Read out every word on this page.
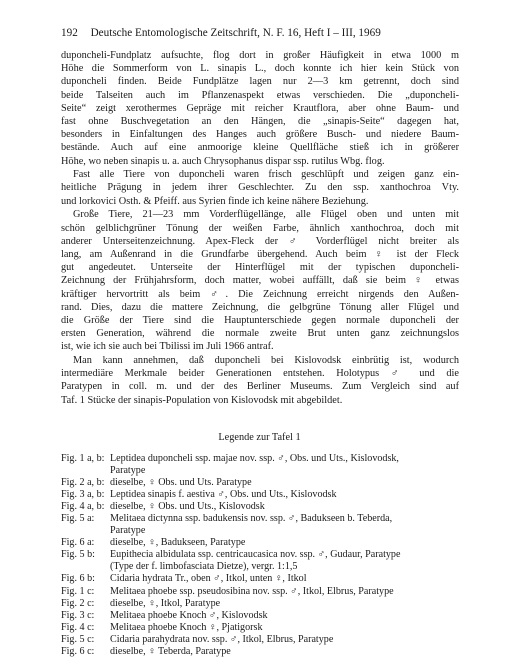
192 Deutsche Entomologische Zeitschrift, N. F. 16, Heft I – III, 1969
duponcheli-Fundplatz aufsuchte, flog dort in großer Häufigkeit in etwa 1000 m
Höhe die Sommerform von L. sinapis L., doch konnte ich hier kein Stück von
duponcheli finden. Beide Fundplätze lagen nur 2—3 km getrennt, doch sind
beide Talseiten auch im Pflanzenaspekt etwas verschieden. Die „duponcheli-
Seite“ zeigt xerothermes Gepräge mit reicher Krautflora, aber ohne Baum- und
fast ohne Buschvegetation an den Hängen, die „sinapis-Seite“ dagegen hat,
besonders in Einfaltungen des Hanges auch größere Busch- und niedere Baum-
bestände. Auch auf eine anmoorige kleine Quellfläche stieß ich in größerer
Höhe, wo neben sinapis u. a. auch Chrysophanus dispar ssp. rutilus Wbg. flog.
Fast alle Tiere von duponcheli waren frisch geschlüpft und zeigen ganz ein-
heitliche Prägung in jedem ihrer Geschlechter. Zu den ssp. xanthochroa Vty.
und lorkovici Osth. & Pfeiff. aus Syrien finde ich keine nähere Beziehung.
Große Tiere, 21—23 mm Vorderflügellänge, alle Flügel oben und unten mit
schön gelblichgrüner Tönung der weißen Farbe, ähnlich xanthochroa, doch mit
anderer Unterseitenzeichnung. Apex-Fleck der ♂ Vorderflügel nicht breiter als
lang, am Außenrand in die Grundfarbe übergehend. Auch beim ♀ ist der Fleck
gut angedeutet. Unterseite der Hinterflügel mit der typischen duponcheli-
Zeichnung der Frühjahrsform, doch matter, wobei auffällt, daß sie beim ♀ etwas
kräftiger hervortritt als beim ♂. Die Zeichnung erreicht nirgends den Außen-
rand. Dies, dazu die mattere Zeichnung, die gelbgrüne Tönung aller Flügel und
die Größe der Tiere sind die Hauptunterschiede gegen normale duponcheli der
ersten Generation, während die normale zweite Brut unten ganz zeichnungslos
ist, wie ich sie auch bei Tbilissi im Juli 1966 antraf.
Man kann annehmen, daß duponcheli bei Kislovodsk einbrütig ist, wodurch
intermediäre Merkmale beider Generationen entstehen. Holotypus ♂ und die
Paratypen in coll. m. und der des Berliner Museums. Zum Vergleich sind auf
Taf. 1 Stücke der sinapis-Population von Kislovodsk mit abgebildet.
Legende zur Tafel 1
Fig. 1 a, b: Leptidea duponcheli ssp. majae nov. ssp. ♂, Obs. und Uts., Kislovodsk,
Paratype
Fig. 2 a, b: dieselbe, ♀ Obs. und Uts. Paratype
Fig. 3 a, b: Leptidea sinapis f. aestiva ♂, Obs. und Uts., Kislovodsk
Fig. 4 a, b: dieselbe, ♀ Obs. und Uts., Kislovodsk
Fig. 5 a:	Melitaea dictynna ssp. badukensis nov. ssp. ♂, Badukseen b. Teberda,
Paratype
Fig. 6 a:	dieselbe, ♀, Badukseen, Paratype
Fig. 5 b:	Eupithecia albidulata ssp. centricaucasica nov. ssp. ♂, Gudaur, Paratype
(Type der f. limbofasciata Dietze), vergr. 1:1,5
Fig. 6 b:	Cidaria hydrata Tr., oben ♂, Itkol, unten ♀, Itkol
Fig. 1 c:	Melitaea phoebe ssp. pseudosibina nov. ssp. ♂, Itkol, Elbrus, Paratype
Fig. 2 c:	dieselbe, ♀, Itkol, Paratype
Fig. 3 c:	Melitaea phoebe Knoch ♂, Kislovodsk
Fig. 4 c:	Melitaea phoebe Knoch ♀, Pjatigorsk
Fig. 5 c:	Cidaria parahydrata nov. ssp. ♂, Itkol, Elbrus, Paratype
Fig. 6 c:	dieselbe, ♀ Teberda, Paratype
